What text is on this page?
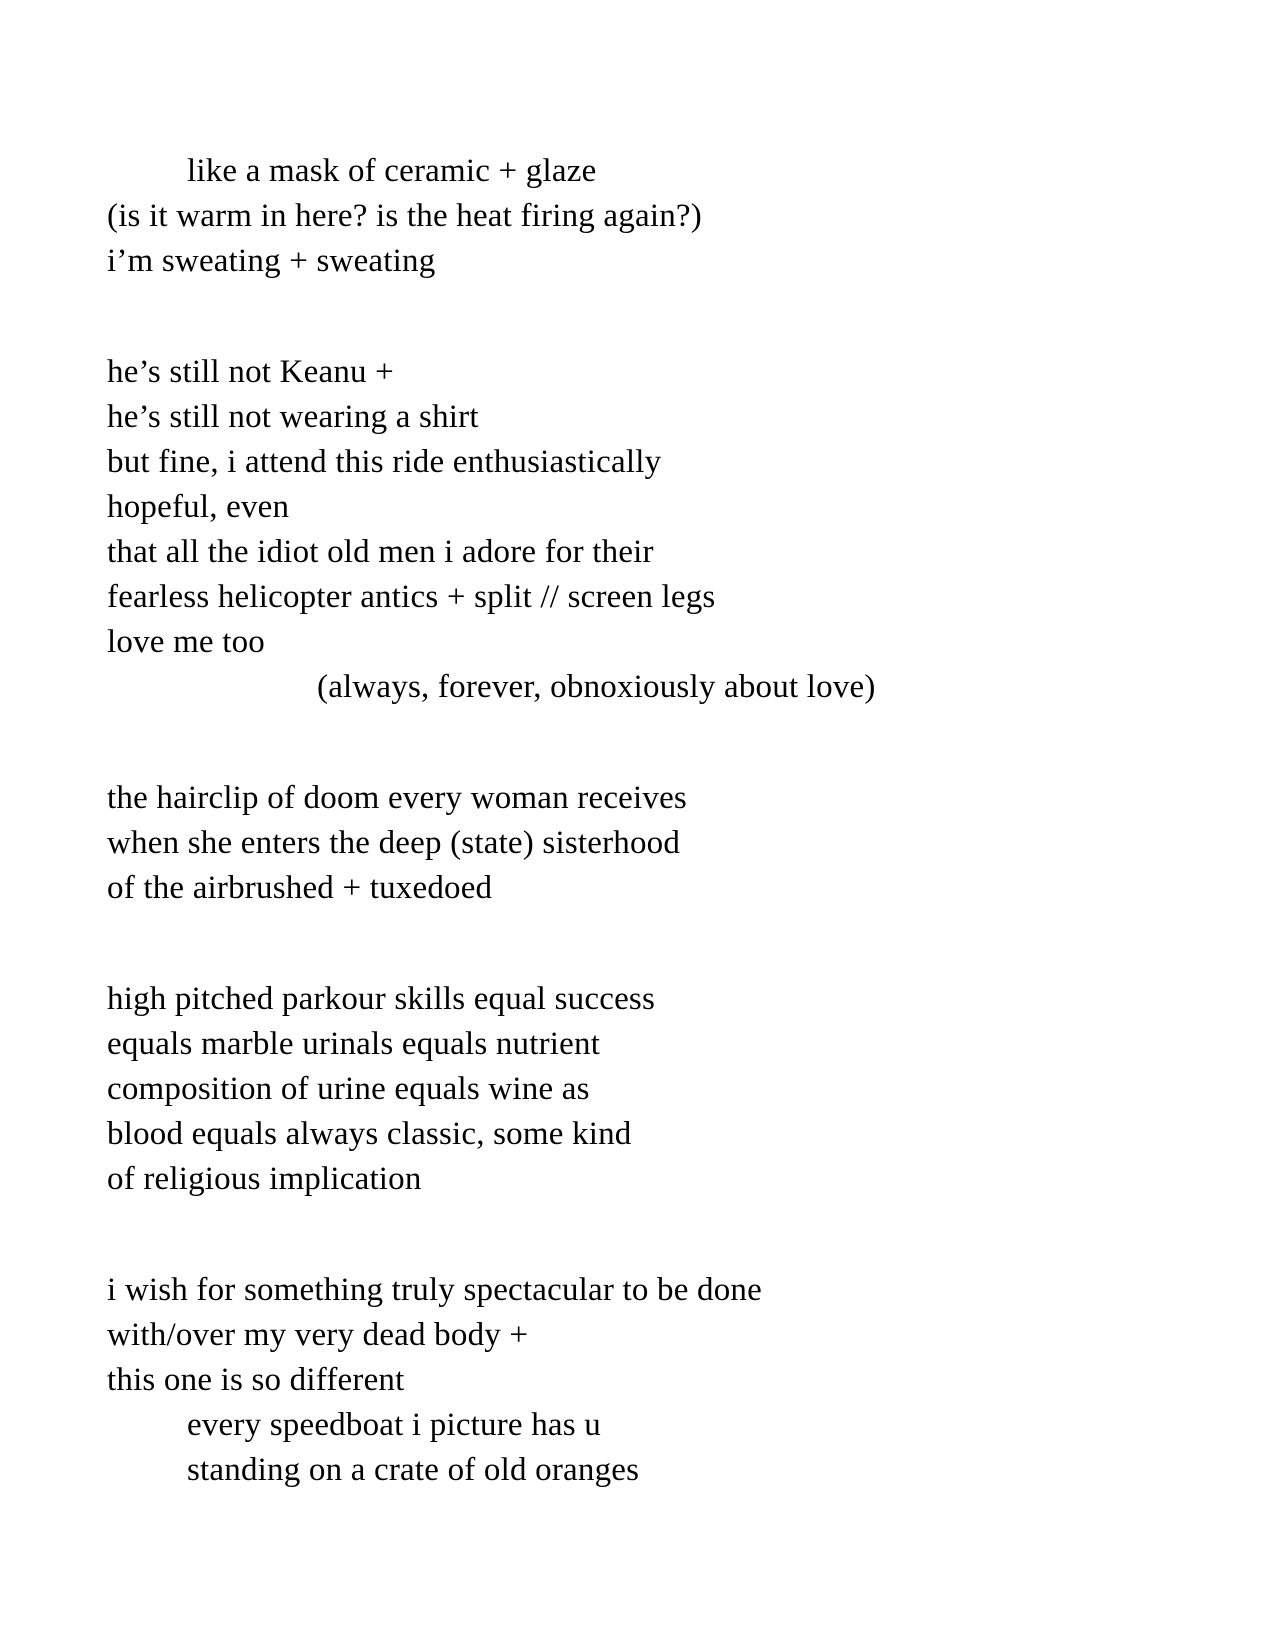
like a mask of ceramic + glaze
(is it warm in here? is the heat firing again?)
i’m sweating + sweating
he’s still not Keanu +
he’s still not wearing a shirt
but fine, i attend this ride enthusiastically
hopeful, even
that all the idiot old men i adore for their
fearless helicopter antics + split // screen legs
love me too
(always, forever, obnoxiously about love)
the hairclip of doom every woman receives
when she enters the deep (state) sisterhood
of the airbrushed + tuxedoed
high pitched parkour skills equal success
equals marble urinals equals nutrient
composition of urine equals wine as
blood equals always classic, some kind
of religious implication
i wish for something truly spectacular to be done
with/over my very dead body +
this one is so different
every speedboat i picture has u
standing on a crate of old oranges
